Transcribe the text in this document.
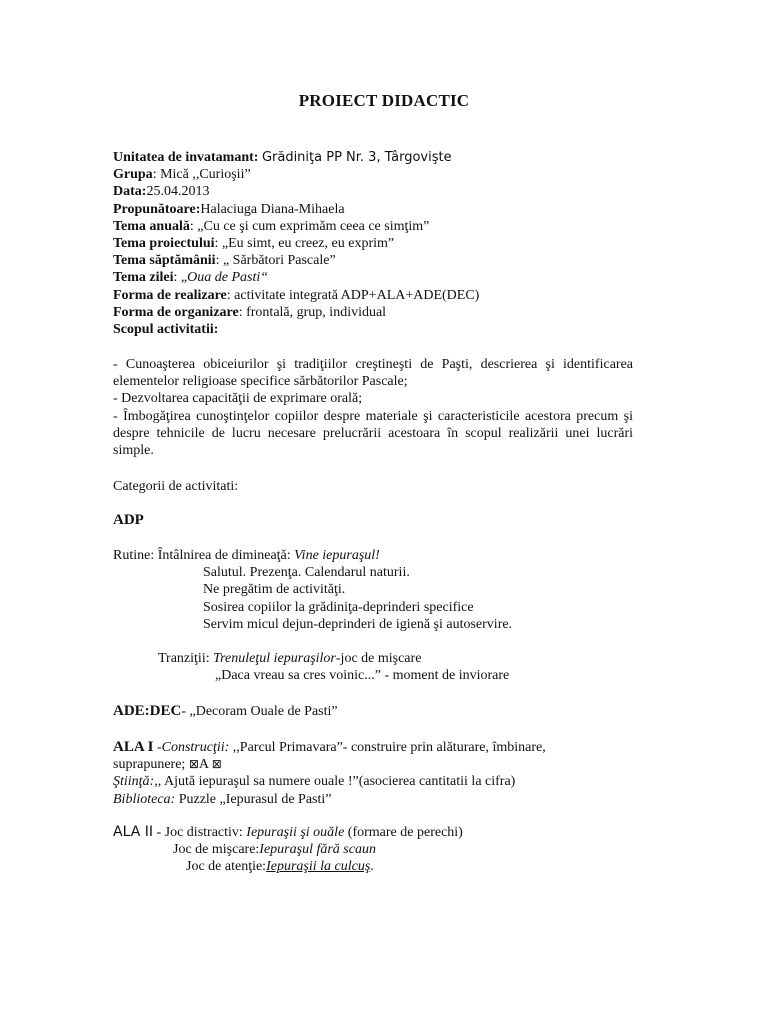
PROIECT DIDACTIC
Unitatea de invatamant: Grădiniţa PP Nr. 3, Târgovişte
Grupa: Mică ,,Curioşii”
Data:25.04.2013
Propunătoare:Halaciuga Diana-Mihaela
Tema anuală: „Cu ce şi cum exprimăm ceea ce simţim”
Tema proiectului: „Eu simt, eu creez, eu exprim”
Tema săptămânii: „ Sărbători Pascale”
Tema zilei: „Oua de Pasti“
Forma de realizare: activitate integrată ADP+ALA+ADE(DEC)
Forma de organizare: frontală, grup, individual
Scopul activitatii:

- Cunoaşterea obiceiurilor şi tradiţiilor creştineşti de Paşti, descrierea şi identificarea elementelor religioase specifice sărbătorilor Pascale;

- Dezvoltarea capacităţii de exprimare orală;

- Îmbogăţirea cunoştinţelor copiilor despre materiale şi caracteristicile acestora precum şi despre tehnicile de lucru necesare prelucrării acestoara în scopul realizării unei lucrări simple.

Categorii de activitati:
ADP
Rutine: Întâlnirea de dimineaţă: Vine iepuraşul!
Salutul. Prezenţa. Calendarul naturii.
Ne pregătim de activităţi.
Sosirea copiilor la grădiniţa-deprinderi specifice
Servim micul dejun-deprinderi de igienă şi autoservire.
Tranziţii: Trenuleţul iepuraşilor-joc de mişcare
„Daca vreau sa cres voinic...” - moment de inviorare
ADE:DEC- „Decoram Ouale de Pasti”
ALA I -Construcţii: ,,Parcul Primavara”- construire prin alăturare, îmbinare,
suprapunere; ⊠A ⊠
Ştiinţă:,, Ajută iepuraşul sa numere ouale !”(asocierea cantitatii la cifra)
Biblioteca: Puzzle „Iepurasul de Pasti”
ALA II - Joc distractiv: Iepuraşii şi ouăle (formare de perechi)
Joc de mişcare:Iepuraşul fără scaun
Joc de atenţie:Iepuraşii la culcuş.
